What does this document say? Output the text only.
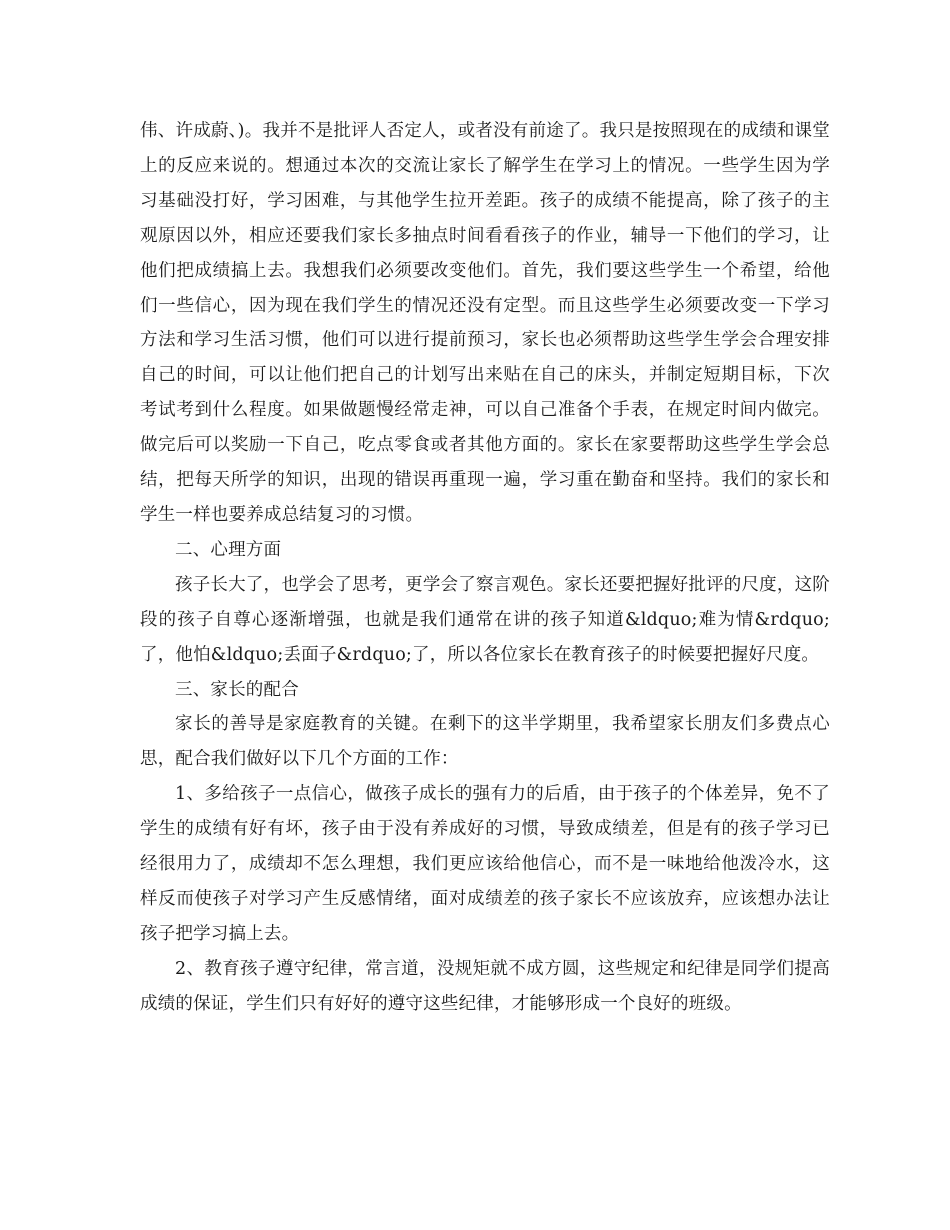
伟、许成蔚、)。我并不是批评人否定人，或者没有前途了。我只是按照现在的成绩和课堂上的反应来说的。想通过本次的交流让家长了解学生在学习上的情况。一些学生因为学习基础没打好，学习困难，与其他学生拉开差距。孩子的成绩不能提高，除了孩子的主观原因以外，相应还要我们家长多抽点时间看看孩子的作业，辅导一下他们的学习，让他们把成绩搞上去。我想我们必须要改变他们。首先，我们要这些学生一个希望，给他们一些信心，因为现在我们学生的情况还没有定型。而且这些学生必须要改变一下学习方法和学习生活习惯，他们可以进行提前预习，家长也必须帮助这些学生学会合理安排自己的时间，可以让他们把自己的计划写出来贴在自己的床头，并制定短期目标，下次考试考到什么程度。如果做题慢经常走神，可以自己准备个手表，在规定时间内做完。做完后可以奖励一下自己，吃点零食或者其他方面的。家长在家要帮助这些学生学会总结，把每天所学的知识，出现的错误再重现一遍，学习重在勤奋和坚持。我们的家长和学生一样也要养成总结复习的习惯。

二、心理方面

孩子长大了，也学会了思考，更学会了察言观色。家长还要把握好批评的尺度，这阶段的孩子自尊心逐渐增强，也就是我们通常在讲的孩子知道&ldquo;难为情&rdquo;了，他怕&ldquo;丢面子&rdquo;了，所以各位家长在教育孩子的时候要把握好尺度。

三、家长的配合

家长的善导是家庭教育的关键。在剩下的这半学期里，我希望家长朋友们多费点心思，配合我们做好以下几个方面的工作：

1、多给孩子一点信心，做孩子成长的强有力的后盾，由于孩子的个体差异，免不了学生的成绩有好有坏，孩子由于没有养成好的习惯，导致成绩差，但是有的孩子学习已经很用力了，成绩却不怎么理想，我们更应该给他信心，而不是一味地给他泼冷水，这样反而使孩子对学习产生反感情绪，面对成绩差的孩子家长不应该放弃，应该想办法让孩子把学习搞上去。

2、教育孩子遵守纪律，常言道，没规矩就不成方圆，这些规定和纪律是同学们提高成绩的保证，学生们只有好好的遵守这些纪律，才能够形成一个良好的班级。
